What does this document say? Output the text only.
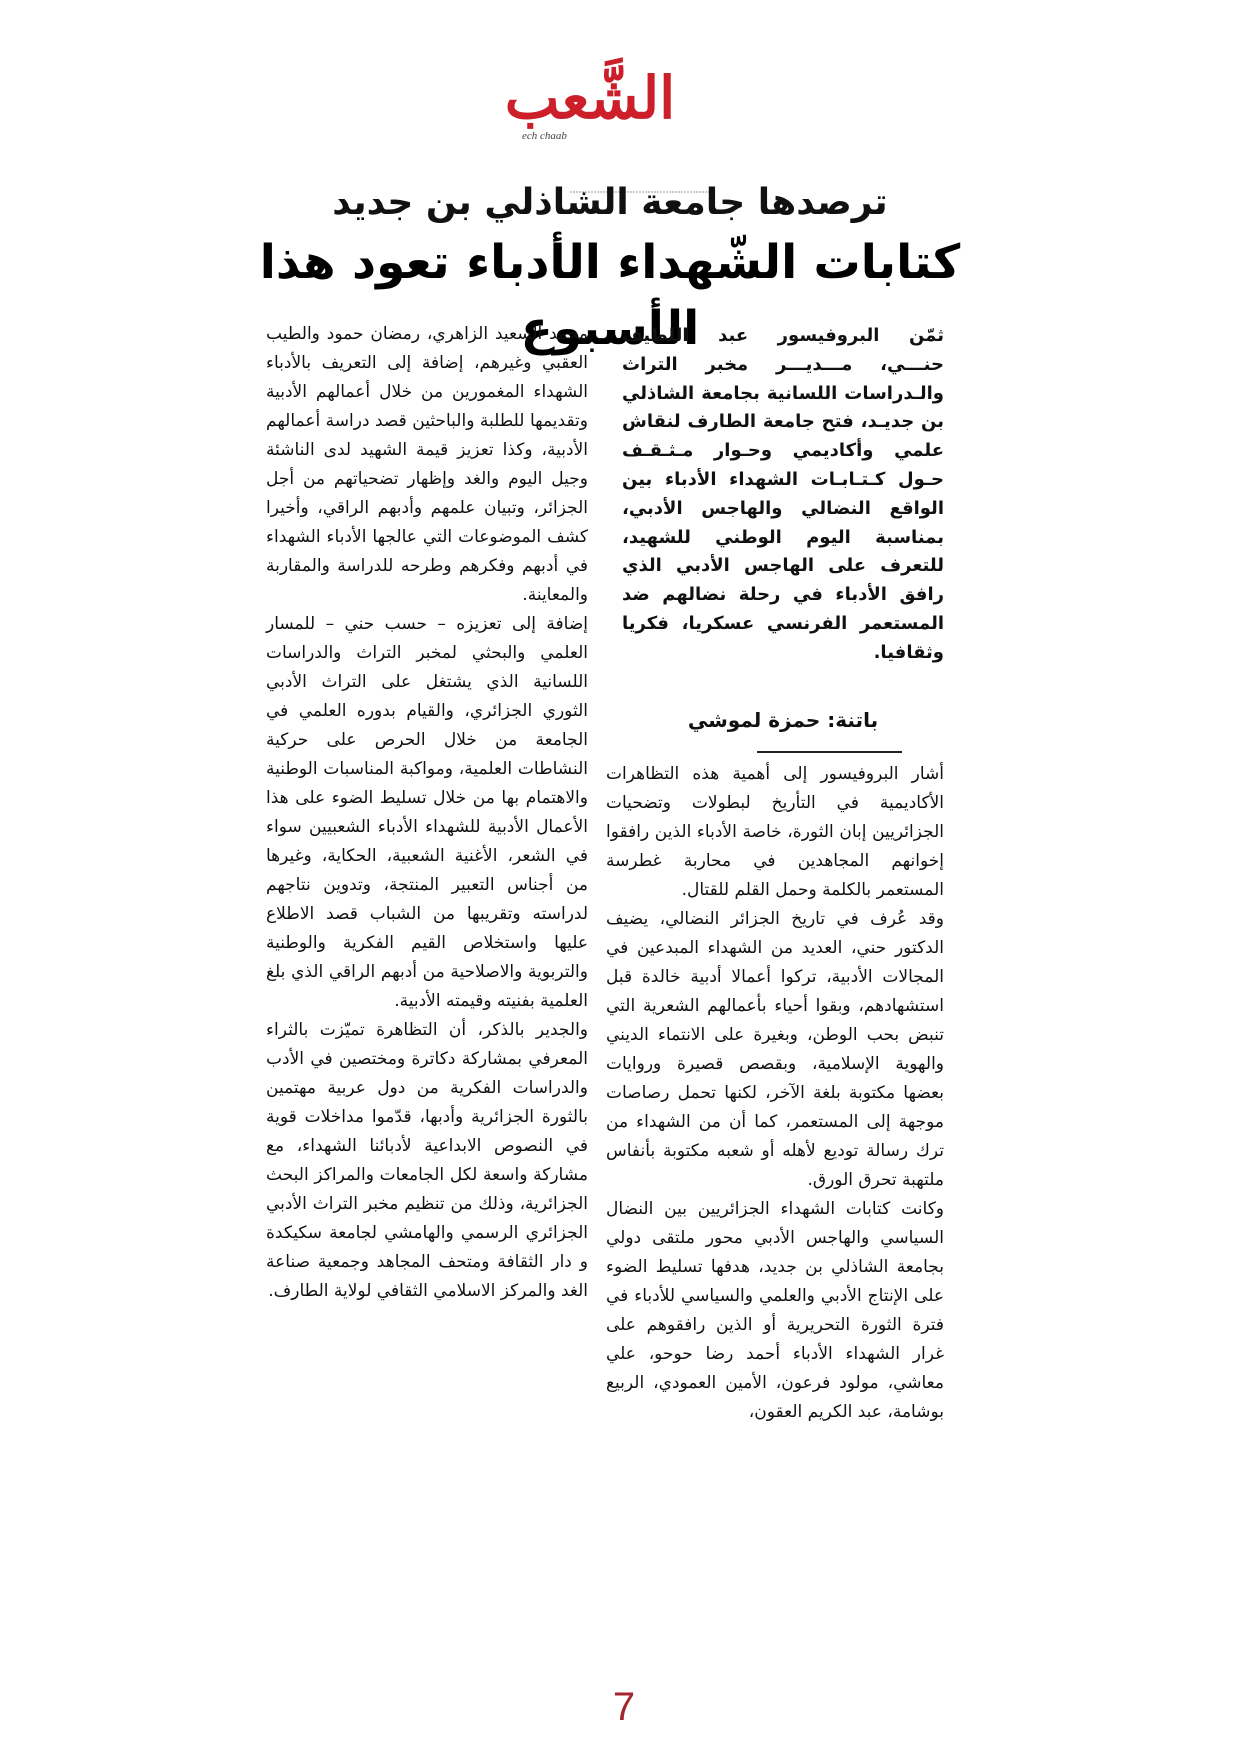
الشَّعب
ech chaab
ترصدها جامعة الشاذلي بن جديد
كتابات الشّهداء الأدباء تعود هذا الأسبوع
ثمّن البروفيسور عبد اللطيف حنـــي، مـــديـــر مخبر التراث والـدراسات اللسانية بجامعة الشاذلي بن جديـد، فتح جامعة الطارف لنقاش علمي وأكاديمي وحـوار مـثـقـف حـول كـتـابـات الشهداء الأدباء بين الواقع النضالي والهاجس الأدبي، بمناسبة اليوم الوطني للشهيد، للتعرف على الهاجس الأدبي الذي رافق الأدباء في رحلة نضالهم ضد المستعمر الفرنسي عسكريا، فكريا وثقافيا.
باتنة: حمزة لموشي

أشار البروفيسور إلى أهمية هذه التظاهرات الأكاديمية في التأريخ لبطولات وتضحيات الجزائريين إبان الثورة، خاصة الأدباء الذين رافقوا إخوانهم المجاهدين في محاربة غطرسة المستعمر بالكلمة وحمل القلم للقتال.

وقد عُرف في تاريخ الجزائر النضالي، يضيف الدكتور حني، العديد من الشهداء المبدعين في المجالات الأدبية، تركوا أعمالا أدبية خالدة قبل استشهادهم، وبقوا أحياء بأعمالهم الشعرية التي تنبض بحب الوطن، وبغيرة على الانتماء الديني والهوية الإسلامية، وبقصص قصيرة وروايات بعضها مكتوبة بلغة الآخر، لكنها تحمل رصاصات موجهة إلى المستعمر، كما أن من الشهداء من ترك رسالة توديع لأهله أو شعبه مكتوبة بأنفاس ملتهبة تحرق الورق.

وكانت كتابات الشهداء الجزائريين بين النضال السياسي والهاجس الأدبي محور ملتقى دولي بجامعة الشاذلي بن جديد، هدفها تسليط الضوء على الإنتاج الأدبي والعلمي والسياسي للأدباء في فترة الثورة التحريرية أو الذين رافقوهم على غرار الشهداء الأدباء أحمد رضا حوحو، علي معاشي، مولود فرعون، الأمين العمودي، الربيع بوشامة، عبد الكريم العقون،

محمد السعيد الزاهري، رمضان حمود والطيب العقبي وغيرهم، إضافة إلى التعريف بالأدباء الشهداء المغمورين من خلال أعمالهم الأدبية وتقديمها للطلبة والباحثين قصد دراسة أعمالهم الأدبية، وكذا تعزيز قيمة الشهيد لدى الناشئة وجيل اليوم والغد وإظهار تضحياتهم من أجل الجزائر، وتبيان علمهم وأدبهم الراقي، وأخيرا كشف الموضوعات التي عالجها الأدباء الشهداء في أدبهم وفكرهم وطرحه للدراسة والمقاربة والمعاينة.

إضافة إلى تعزيزه – حسب حني – للمسار العلمي والبحثي لمخبر التراث والدراسات اللسانية الذي يشتغل على التراث الأدبي الثوري الجزائري، والقيام بدوره العلمي في الجامعة من خلال الحرص على حركية النشاطات العلمية، ومواكبة المناسبات الوطنية والاهتمام بها من خلال تسليط الضوء على هذا الأعمال الأدبية للشهداء الأدباء الشعبيين سواء في الشعر، الأغنية الشعبية، الحكاية، وغيرها من أجناس التعبير المنتجة، وتدوين نتاجهم لدراسته وتقريبها من الشباب قصد الاطلاع عليها واستخلاص القيم الفكرية والوطنية والتربوية والاصلاحية من أدبهم الراقي الذي بلغ العلمية بفنيته وقيمته الأدبية.

والجدير بالذكر، أن التظاهرة تميّزت بالثراء المعرفي بمشاركة دكاترة ومختصين في الأدب والدراسات الفكرية من دول عربية مهتمين بالثورة الجزائرية وأدبها، قدّموا مداخلات قوية في النصوص الابداعية لأدبائنا الشهداء، مع مشاركة واسعة لكل الجامعات والمراكز البحث الجزائرية، وذلك من تنظيم مخبر التراث الأدبي الجزائري الرسمي والهامشي لجامعة سكيكدة و دار الثقافة ومتحف المجاهد وجمعية صناعة الغد والمركز الاسلامي الثقافي لولاية الطارف.

7
